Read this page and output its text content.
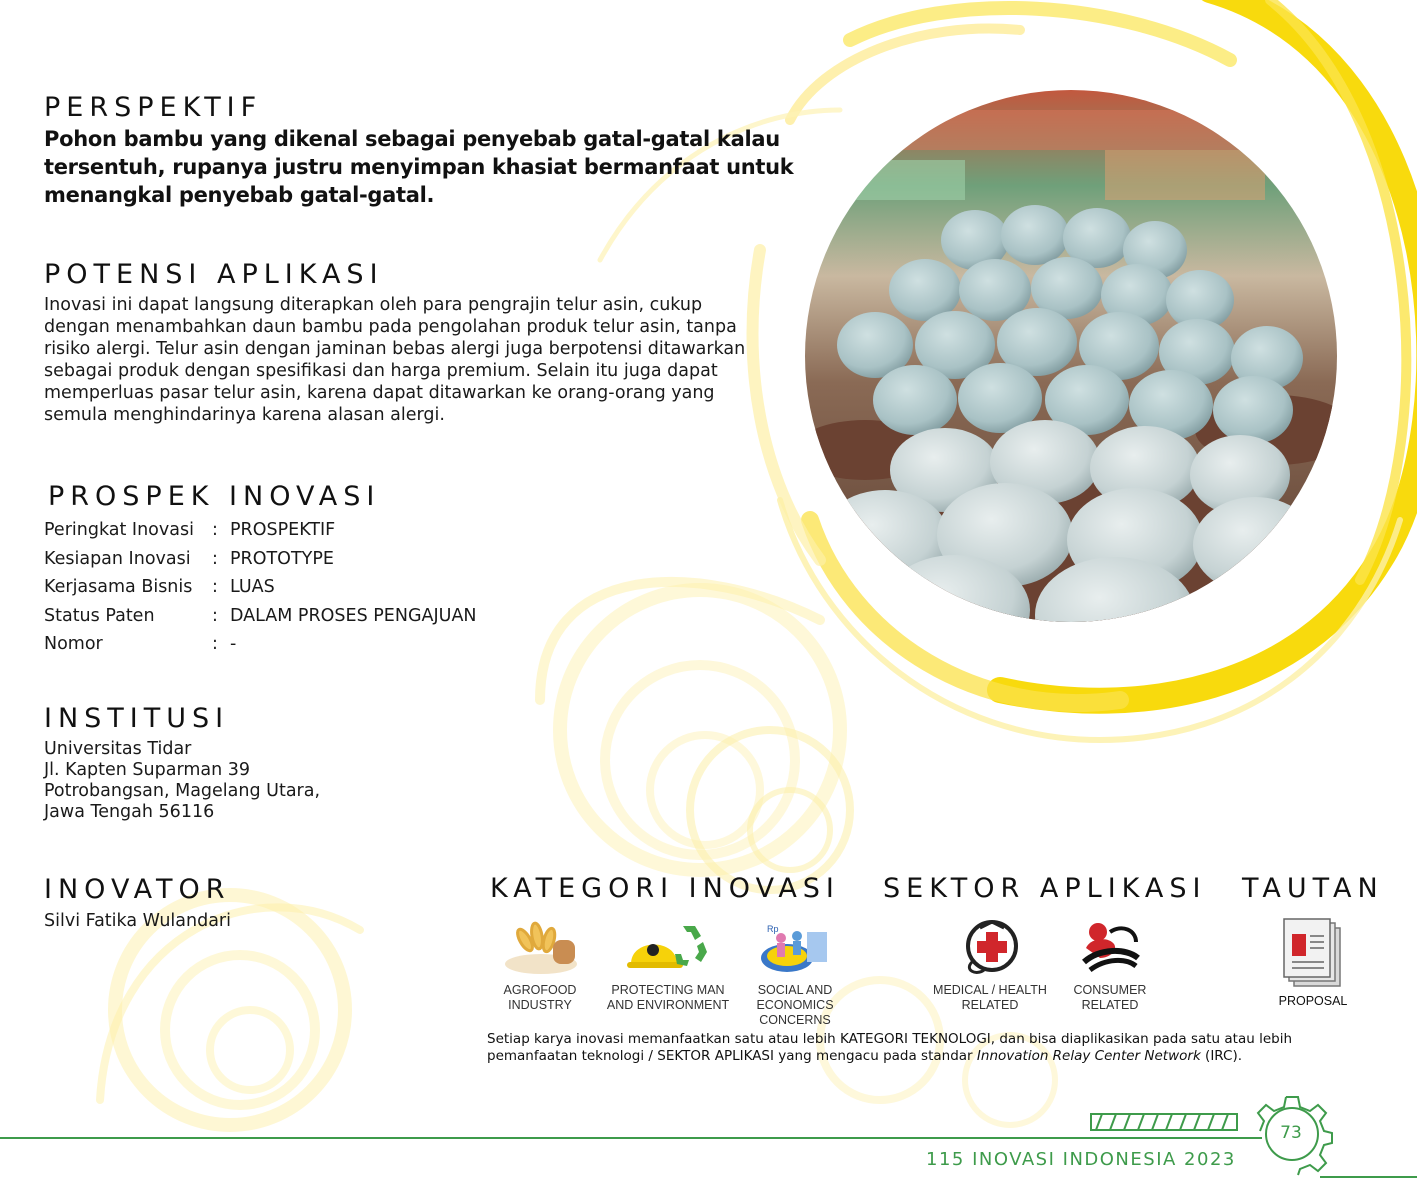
PERSPEKTIF
Pohon bambu yang dikenal sebagai penyebab gatal-gatal kalau tersentuh, rupanya justru menyimpan khasiat bermanfaat untuk menangkal penyebab gatal-gatal.
POTENSI APLIKASI
Inovasi ini dapat langsung diterapkan oleh para pengrajin telur asin, cukup dengan menambahkan daun bambu pada pengolahan produk telur asin, tanpa risiko alergi. Telur asin dengan jaminan bebas alergi juga berpotensi ditawarkan sebagai produk dengan spesifikasi dan harga premium. Selain itu juga dapat memperluas pasar telur asin, karena dapat ditawarkan ke orang-orang yang semula menghindarinya karena alasan alergi.
PROSPEK INOVASI
Peringkat Inovasi	: PROSPEKTIF
Kesiapan Inovasi	: PROTOTYPE
Kerjasama Bisnis	: LUAS
Status Paten	: DALAM PROSES PENGAJUAN
Nomor	: -
INSTITUSI
Universitas Tidar
Jl. Kapten Suparman 39
Potrobangsan, Magelang Utara,
Jawa Tengah 56116
INOVATOR
Silvi Fatika Wulandari
KATEGORI INOVASI SEKTOR APLIKASI TAUTAN
AGROFOOD
INDUSTRY
PROTECTING MAN
AND ENVIRONMENT
Rp
SOCIAL AND
ECONOMICS
CONCERNS
MEDICAL / HEALTH
RELATED
CONSUMER
RELATED	PROPOSAL
Setiap karya inovasi memanfaatkan satu atau lebih KATEGORI TEKNOLOGI, dan bisa diaplikasikan pada satu atau lebih pemanfaatan teknologi / SEKTOR APLIKASI yang mengacu pada standar Innovation Relay Center Network (IRC).
73
115 INOVASI INDONESIA 2023
